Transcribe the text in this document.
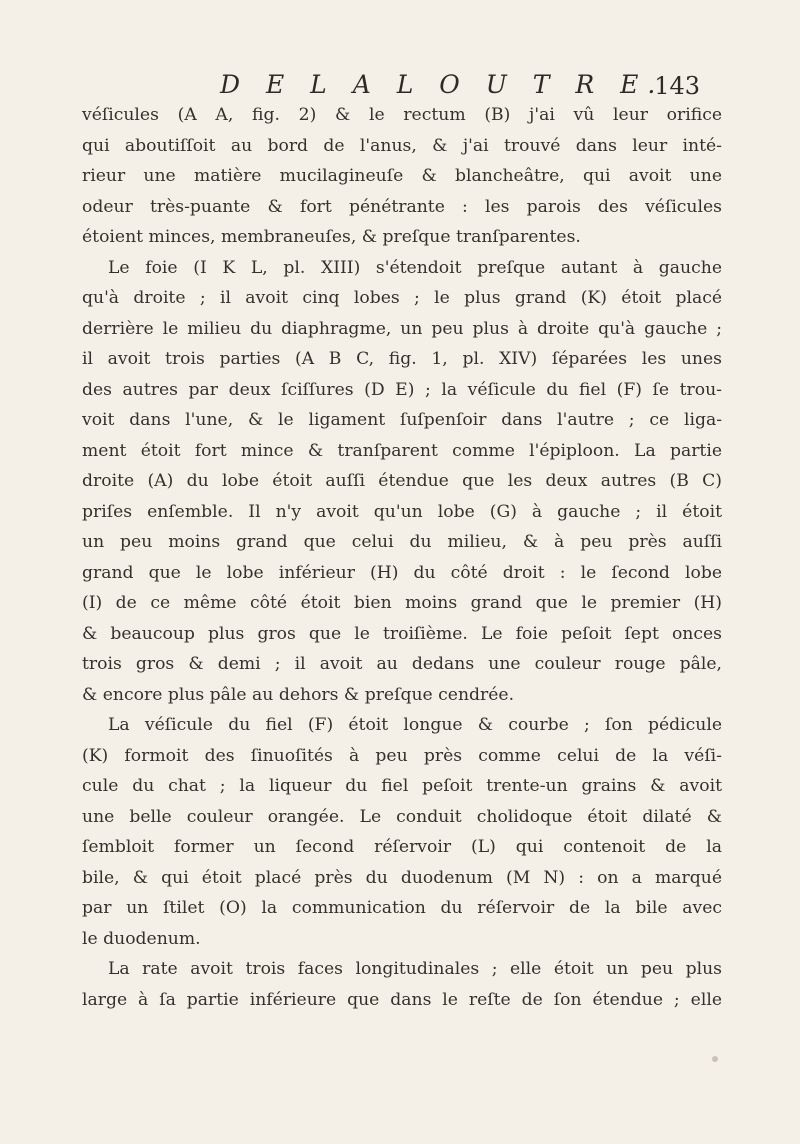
D E L A L O U T R E.
143
véſicules (A A, fig. 2) & le rectum (B) j'ai vû leur orifice
qui aboutiſſoit au bord de l'anus, & j'ai trouvé dans leur inté-
rieur une matière mucilagineuſe & blancheâtre, qui avoit une
odeur très-puante & fort pénétrante : les parois des véſicules
étoient minces, membraneuſes, & preſque tranſparentes.
Le foie (I K L, pl. XIII) s'étendoit preſque autant à gauche
qu'à droite ; il avoit cinq lobes ; le plus grand (K) étoit placé
derrière le milieu du diaphragme, un peu plus à droite qu'à gauche ;
il avoit trois parties (A B C, fig. 1, pl. XIV) ſéparées les unes
des autres par deux ſciſſures (D E) ; la véſicule du fiel (F) ſe trou-
voit dans l'une, & le ligament ſuſpenſoir dans l'autre ; ce liga-
ment étoit fort mince & tranſparent comme l'épiploon. La partie
droite (A) du lobe étoit auſſi étendue que les deux autres (B C)
priſes enſemble. Il n'y avoit qu'un lobe (G) à gauche ; il étoit
un peu moins grand que celui du milieu, & à peu près auſſi
grand que le lobe inférieur (H) du côté droit : le ſecond lobe
(I) de ce même côté étoit bien moins grand que le premier (H)
& beaucoup plus gros que le troiſième. Le foie peſoit ſept onces
trois gros & demi ; il avoit au dedans une couleur rouge pâle,
& encore plus pâle au dehors & preſque cendrée.
La véſicule du fiel (F) étoit longue & courbe ; ſon pédicule
(K) formoit des ſinuoſités à peu près comme celui de la véſi-
cule du chat ; la liqueur du fiel peſoit trente-un grains & avoit
une belle couleur orangée. Le conduit cholidoque étoit dilaté &
ſembloit former un ſecond réſervoir (L) qui contenoit de la
bile, & qui étoit placé près du duodenum (M N) : on a marqué
par un ſtilet (O) la communication du réſervoir de la bile avec
le duodenum.
La rate avoit trois faces longitudinales ; elle étoit un peu plus
large à ſa partie inférieure que dans le reſte de ſon étendue ; elle
